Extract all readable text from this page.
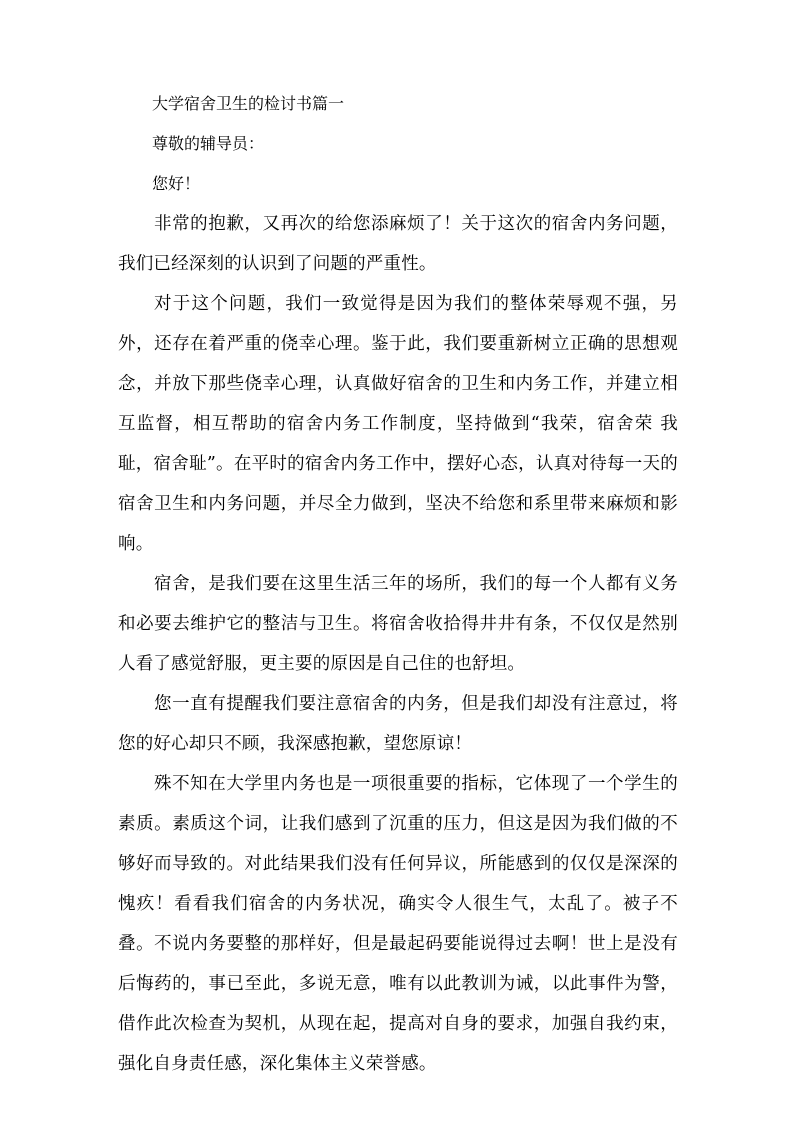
大学宿舍卫生的检讨书篇一

尊敬的辅导员：

您好！

非常的抱歉，又再次的给您添麻烦了！关于这次的宿舍内务问题，我们已经深刻的认识到了问题的严重性。

对于这个问题，我们一致觉得是因为我们的整体荣辱观不强，另外，还存在着严重的侥幸心理。鉴于此，我们要重新树立正确的思想观念，并放下那些侥幸心理，认真做好宿舍的卫生和内务工作，并建立相互监督，相互帮助的宿舍内务工作制度，坚持做到“我荣，宿舍荣 我耻，宿舍耻”。在平时的宿舍内务工作中，摆好心态，认真对待每一天的宿舍卫生和内务问题，并尽全力做到，坚决不给您和系里带来麻烦和影响。

宿舍，是我们要在这里生活三年的场所，我们的每一个人都有义务和必要去维护它的整洁与卫生。将宿舍收拾得井井有条，不仅仅是然别人看了感觉舒服，更主要的原因是自己住的也舒坦。

您一直有提醒我们要注意宿舍的内务，但是我们却没有注意过，将您的好心却只不顾，我深感抱歉，望您原谅！

殊不知在大学里内务也是一项很重要的指标，它体现了一个学生的素质。素质这个词，让我们感到了沉重的压力，但这是因为我们做的不够好而导致的。对此结果我们没有任何异议，所能感到的仅仅是深深的愧疚！看看我们宿舍的内务状况，确实令人很生气，太乱了。被子不叠。不说内务要整的那样好，但是最起码要能说得过去啊！世上是没有后悔药的，事已至此，多说无意，唯有以此教训为诫，以此事件为警，借作此次检查为契机，从现在起，提高对自身的要求，加强自我约束，强化自身责任感，深化集体主义荣誉感。
